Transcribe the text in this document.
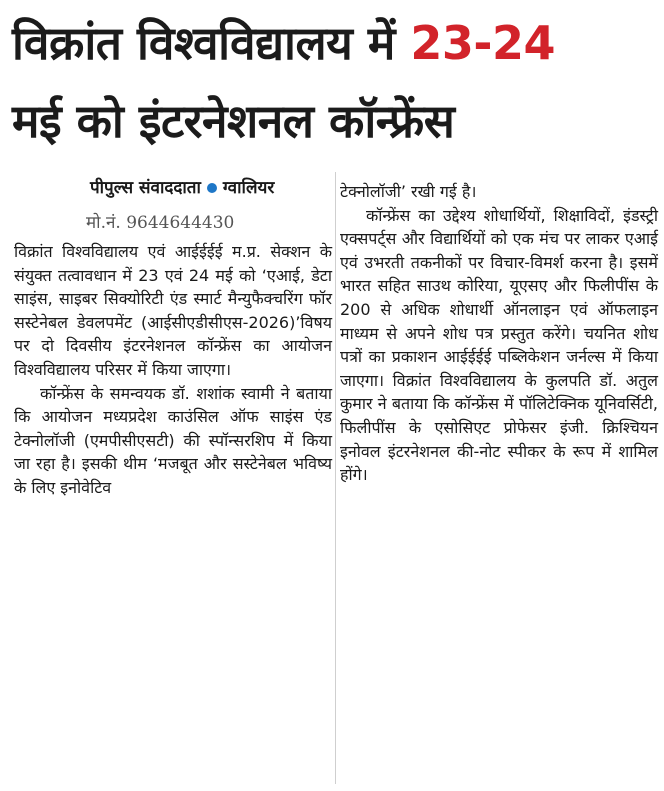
विक्रांत विश्वविद्यालय में 23-24
मई को इंटरनेशनल कॉन्फ्रेंस
पीपुल्स संवाददाता ग्वालियर
मो.नं. 9644644430

विक्रांत विश्वविद्यालय एवं आईईईई म.प्र. सेक्शन के संयुक्त तत्वावधान में 23 एवं 24 मई को ‘एआई, डेटा साइंस, साइबर सिक्योरिटी एंड स्मार्ट मैन्युफैक्चरिंग फॉर सस्टेनेबल डेवलपमेंट (आईसीएडीसीएस-2026)’विषय पर दो दिवसीय इंटरनेशनल कॉन्फ्रेंस का आयोजन विश्वविद्यालय परिसर में किया जाएगा।

कॉन्फ्रेंस के समन्वयक डॉ. शशांक स्वामी ने बताया कि आयोजन मध्यप्रदेश काउंसिल ऑफ साइंस एंड टेक्नोलॉजी (एमपीसीएसटी) की स्पॉन्सरशिप में किया जा रहा है। इसकी थीम ‘मजबूत और सस्टेनेबल भविष्य के लिए इनोवेटिव

टेक्नोलॉजी’ रखी गई है।

कॉन्फ्रेंस का उद्देश्य शोधार्थियों, शिक्षाविदों, इंडस्ट्री एक्सपर्ट्स और विद्यार्थियों को एक मंच पर लाकर एआई एवं उभरती तकनीकों पर विचार-विमर्श करना है। इसमें भारत सहित साउथ कोरिया, यूएसए और फिलीपींस के 200 से अधिक शोधार्थी ऑनलाइन एवं ऑफलाइन माध्यम से अपने शोध पत्र प्रस्तुत करेंगे। चयनित शोध पत्रों का प्रकाशन आईईईई पब्लिकेशन जर्नल्स में किया जाएगा। विक्रांत विश्वविद्यालय के कुलपति डॉ. अतुल कुमार ने बताया कि कॉन्फ्रेंस में पॉलिटेक्निक यूनिवर्सिटी, फिलीपींस के एसोसिएट प्रोफेसर इंजी. क्रिश्चियन इनोवल इंटरनेशनल की-नोट स्पीकर के रूप में शामिल होंगे।
